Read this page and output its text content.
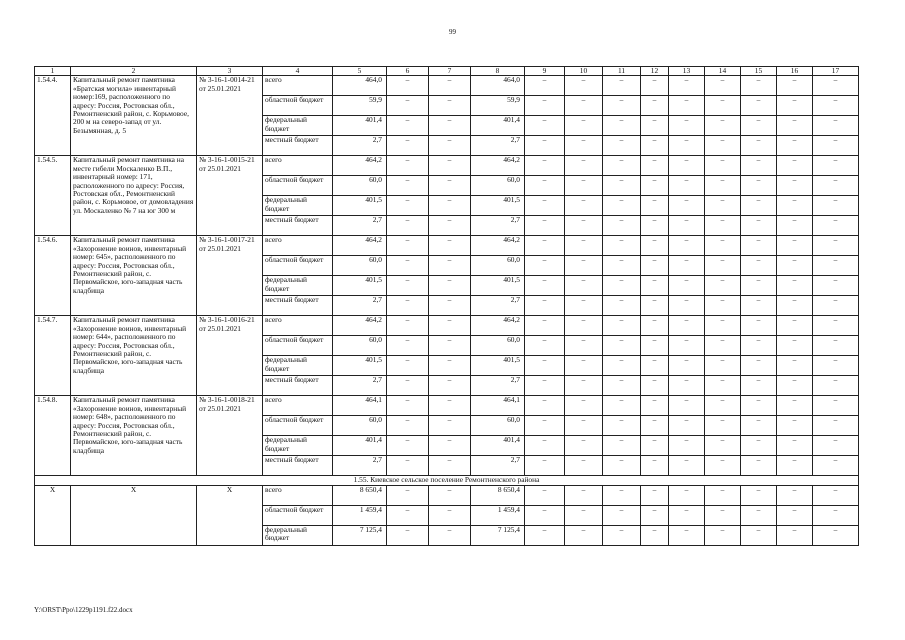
99
1	2	3	4	5	6	7	8	9	10	11	12	13	14	15	16	17
1.54.4.	Капитальный ремонт памятника «Братская могила» инвентарный номер:169, расположенного по адресу: Россия, Ростовская обл., Ремонтненский район, с. Корьмовое, 200 м на северо-запад от ул. Безымянная, д. 5	№ 3-16-1-0014-21 от 25.01.2021	всего	464,0	–	–	464,0	–	–	–	–	–	–	–	–	–
			областной бюджет	59,9	–	–	59,9	–	–	–	–	–	–	–	–	–
			федеральный бюджет	401,4	–	–	401,4	–	–	–	–	–	–	–	–	–
			местный бюджет	2,7	–	–	2,7	–	–	–	–	–	–	–	–	–
1.54.5.	Капитальный ремонт памятника на месте гибели Москаленко В.П., инвентарный номер: 171, расположенного по адресу: Россия, Ростовская обл., Ремонтненский район, с. Корьмовое, от домовладения ул. Москаленко № 7 на юг 300 м	№ 3-16-1-0015-21 от 25.01.2021	всего	464,2	–	–	464,2	–	–	–	–	–	–	–	–	–
			областной бюджет	60,0	–	–	60,0	–	–	–	–	–	–	–	–	–
			федеральный бюджет	401,5	–	–	401,5	–	–	–	–	–	–	–	–	–
			местный бюджет	2,7	–	–	2,7	–	–	–	–	–	–	–	–	–
1.54.6.	Капитальный ремонт памятника «Захоронение воинов, инвентарный номер: 645», расположенного по адресу: Россия, Ростовская обл., Ремонтненский район, с. Первомайское, юго-западная часть кладбища	№ 3-16-1-0017-21 от 25.01.2021	всего	464,2	–	–	464,2	–	–	–	–	–	–	–	–	–
			областной бюджет	60,0	–	–	60,0	–	–	–	–	–	–	–	–	–
			федеральный бюджет	401,5	–	–	401,5	–	–	–	–	–	–	–	–	–
			местный бюджет	2,7	–	–	2,7	–	–	–	–	–	–	–	–	–
1.54.7.	Капитальный ремонт памятника «Захоронение воинов, инвентарный номер: 644», расположенного по адресу: Россия, Ростовская обл., Ремонтненский район, с. Первомайское, юго-западная часть кладбища	№ 3-16-1-0016-21 от 25.01.2021	всего	464,2	–	–	464,2	–	–	–	–	–	–	–	–	–
			областной бюджет	60,0	–	–	60,0	–	–	–	–	–	–	–	–	–
			федеральный бюджет	401,5	–	–	401,5	–	–	–	–	–	–	–	–	–
			местный бюджет	2,7	–	–	2,7	–	–	–	–	–	–	–	–	–
1.54.8.	Капитальный ремонт памятника «Захоронение воинов, инвентарный номер: 648», расположенного по адресу: Россия, Ростовская обл., Ремонтненский район, с. Первомайское, юго-западная часть кладбища	№ 3-16-1-0018-21 от 25.01.2021	всего	464,1	–	–	464,1	–	–	–	–	–	–	–	–	–
			областной бюджет	60,0	–	–	60,0	–	–	–	–	–	–	–	–	–
			федеральный бюджет	401,4	–	–	401,4	–	–	–	–	–	–	–	–	–
			местный бюджет	2,7	–	–	2,7	–	–	–	–	–	–	–	–	–
1.55. Киевское сельское поселение Ремонтненского района																
Х	Х	Х	всего	8 650,4	–	–	8 650,4	–	–	–	–	–	–	–	–	–
			областной бюджет	1 459,4	–	–	1 459,4	–	–	–	–	–	–	–	–	–
			федеральный бюджет	7 125,4	–	–	7 125,4	–	–	–	–	–	–	–	–	–
Y:\ORST\Ppo\1229p1191.f22.docx
